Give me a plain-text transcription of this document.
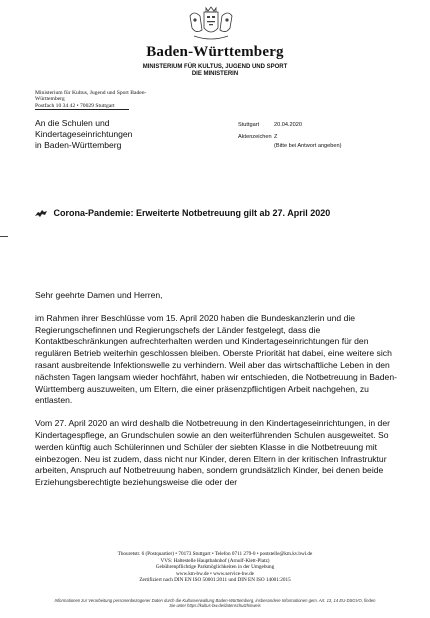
Baden-Württemberg
MINISTERIUM FÜR KULTUS, JUGEND UND SPORT
DIE MINISTERIN
Ministerium für Kultus, Jugend und Sport Baden-Württemberg
Postfach 10 34 42 • 70029 Stuttgart
An die Schulen und
Kindertageseinrichtungen
in Baden-Württemberg
Stuttgart	20.04.2020
Aktenzeichen Z
(Bitte bei Antwort angeben)
Corona-Pandemie: Erweiterte Notbetreuung gilt ab 27. April 2020

Sehr geehrte Damen und Herren,

im Rahmen ihrer Beschlüsse vom 15. April 2020 haben die Bundeskanzlerin und die Regierungschefinnen und Regierungschefs der Länder festgelegt, dass die Kontaktbeschränkungen aufrechterhalten werden und Kindertageseinrichtungen für den regulären Betrieb weiterhin geschlossen bleiben. Oberste Priorität hat dabei, eine weitere sich rasant ausbreitende Infektionswelle zu verhindern. Weil aber das wirtschaftliche Leben in den nächsten Tagen langsam wieder hochfährt, haben wir entschieden, die Notbetreuung in Baden-Württemberg auszuweiten, um Eltern, die einer präsenzpflichtigen Arbeit nachgehen, zu entlasten.

Vom 27. April 2020 an wird deshalb die Notbetreuung in den Kindertageseinrichtungen, in der Kindertagespflege, an Grundschulen sowie an den weiterführenden Schulen ausgeweitet. So werden künftig auch Schülerinnen und Schüler der siebten Klasse in die Notbetreuung mit einbezogen. Neu ist zudem, dass nicht nur Kinder, deren Eltern in der kritischen Infrastruktur arbeiten, Anspruch auf Notbetreuung haben, sondern grundsätzlich Kinder, bei denen beide Erziehungsberechtigte beziehungsweise die oder der

Thouretstr. 6 (Postquartier) • 70173 Stuttgart • Telefon 0711 279-0 • poststelle@km.kv.bwl.de
VVS: Haltestelle Hauptbahnhof (Arnulf-Klett-Platz)
Gebührenpflichtige Parkmöglichkeiten in der Umgebung
www.km-bw.de • www.service-bw.de
Zertifiziert nach DIN EN ISO 50001:2011 und DIN EN ISO 14001:2015
Informationen zur Verarbeitung personenbezogener Daten durch die Kultusverwaltung Baden-Württemberg, insbesondere Informationen gem. Art. 13, 14 EU-DSGVO, finden
Sie unter https://kultus-bw.de/datenschutzhinweis
